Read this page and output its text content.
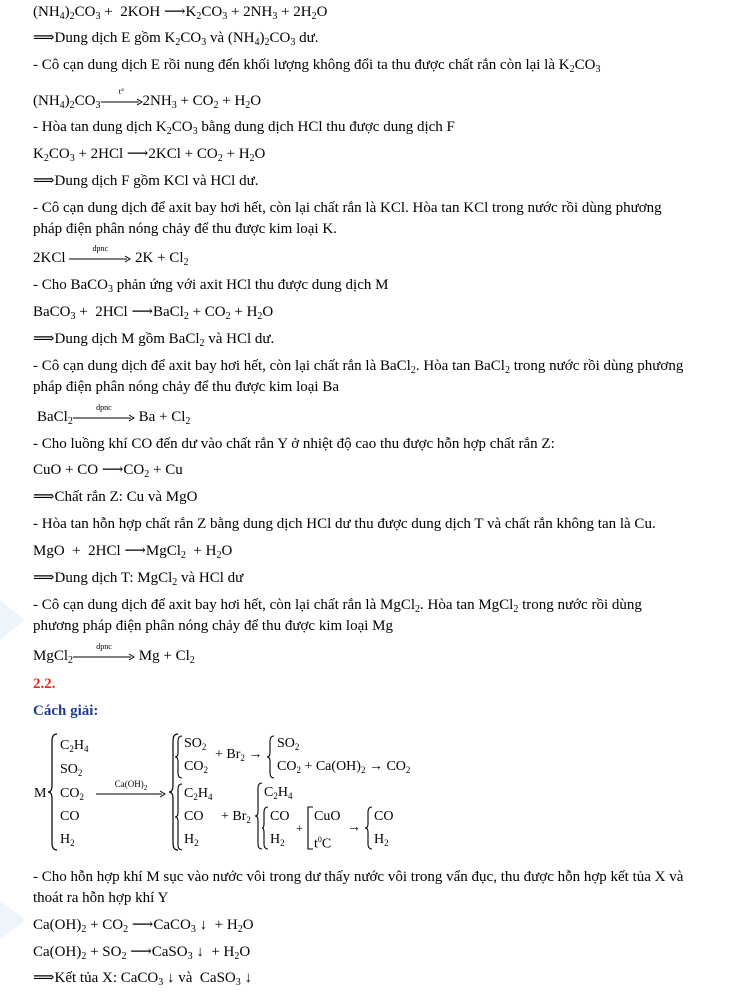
$(NH_4)_2CO_3 + 2KOH$ $⟶K_2CO_3 + 2NH_3 + 2H_2O$
⟹Dung dịch E gồm $K_2CO_3$ và $(NH_4)_2CO_3$ dư.
- Cô cạn dung dịch E rồi nung đến khối lượng không đổi ta thu được chất rắn còn lại là $K_2CO_3$
$(NH_4)_2CO_3$
t°
$2NH_3 + CO_2 + H_2O$
- Hòa tan dung dịch $K_2CO_3$ bằng dung dịch HCl thu được dung dịch F
$K_2CO_3 + 2HCl$ ⟶2KCl + $CO_2 + H_2O$
⟹Dung dịch F gồm KCl và HCl dư.
- Cô cạn dung dịch để axit bay hơi hết, còn lại chất rắn là KCl. Hòa tan KCl trong nước rồi dùng phương
pháp điện phân nóng chảy để thu được kim loại K.
2KCl
dpnc
$2K + Cl_2$
- Cho BaCO$_3$ phản ứng với axit HCl thu được dung dịch M
BaCO$_3$ +  2HCl ⟶BaCl$_2$ + $CO_2 + H_2O$
⟹Dung dịch M gồm BaCl$_2$ và HCl dư.
- Cô cạn dung dịch để axit bay hơi hết, còn lại chất rắn là BaCl$_2$. Hòa tan BaCl$_2$ trong nước rồi dùng phương
pháp điện phân nóng chảy để thu được kim loại Ba
BaCl$_2$
dpnc
$Ba + Cl_2$
- Cho luồng khí CO đến dư vào chất rắn Y ở nhiệt độ cao thu được hỗn hợp chất rắn Z:
CuO + CO $⟶CO_2 + Cu$
⟹Chất rắn Z: Cu và MgO
- Hòa tan hỗn hợp chất rắn Z bằng dung dịch HCl dư thu được dung dịch T và chất rắn không tan là Cu.
MgO  +  2HCl ⟶MgCl$_2$  + $H_2O$
⟹Dung dịch T: MgCl$_2$ và HCl dư
- Cô cạn dung dịch để axit bay hơi hết, còn lại chất rắn là MgCl$_2$. Hòa tan MgCl$_2$ trong nước rồi dùng
phương pháp điện phân nóng chảy để thu được kim loại Mg
MgCl$_2$
dpnc
$Mg + Cl_2$
2.2.
Cách giải:
M
$C_2H_4$
$SO_2$
$CO_2$
CO
$H_2$
$Ca(OH)_2$
$SO_2$
$CO_2$
+ $Br_2$ →
$SO_2$
$CO_2 + Ca(OH)_2 \to CO_2$
$C_2H_4$
CO
$H_2$
+ $Br_2$
$C_2H_4$
CO
$H_2$
+
CuO
$t^0C$
→
CO
$H_2$
- Cho hỗn hợp khí M sục vào nước vôi trong dư thấy nước vôi trong vẩn đục, thu được hỗn hợp kết tủa X và
thoát ra hỗn hợp khí Y
$Ca(OH)_2 + CO_2$ ⟶CaCO$_3$ ↓  + $H_2O$
$Ca(OH)_2 + SO_2$ ⟶CaSO$_3$ ↓  + $H_2O$
⟹Kết tủa X: CaCO$_3$ ↓ và  CaSO$_3$ ↓
